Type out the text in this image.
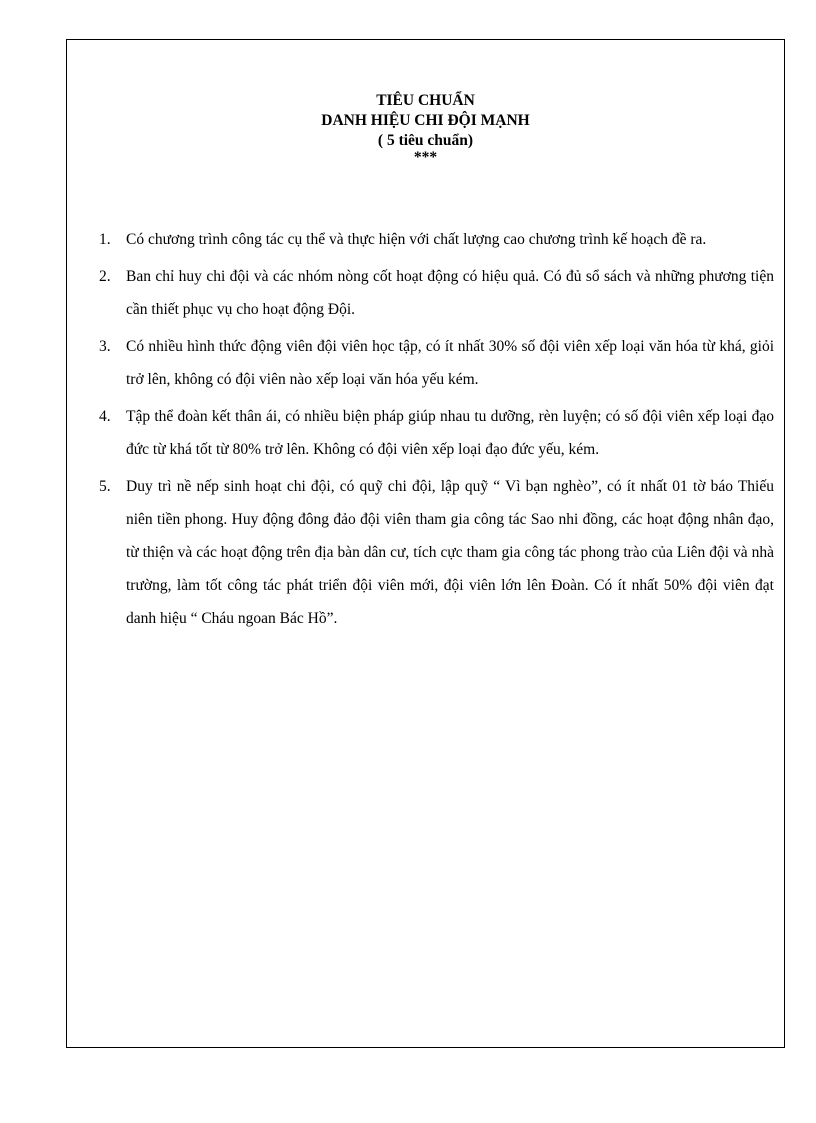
TIÊU CHUẨN
DANH HIỆU CHI ĐỘI MẠNH
( 5 tiêu chuẩn)
***
1. Có chương trình công tác cụ thể và thực hiện với chất lượng cao chương trình kế hoạch đề ra.
2. Ban chỉ huy chi đội và các nhóm nòng cốt hoạt động có hiệu quả. Có đủ sổ sách và những phương tiện cần thiết phục vụ cho hoạt động Đội.
3. Có nhiều hình thức động viên đội viên học tập, có ít nhất 30% số đội viên xếp loại văn hóa từ khá, giỏi trở lên, không có đội viên nào xếp loại văn hóa yếu kém.
4. Tập thể đoàn kết thân ái, có nhiều biện pháp giúp nhau tu dưỡng, rèn luyện; có số đội viên xếp loại đạo đức từ khá tốt từ 80% trở lên. Không có đội viên xếp loại đạo đức yếu, kém.
5. Duy trì nề nếp sinh hoạt chi đội, có quỹ chi đội, lập quỹ “ Vì bạn nghèo”, có ít nhất 01 tờ báo Thiếu niên tiền phong. Huy động đông đảo đội viên tham gia công tác Sao nhi đồng, các hoạt động nhân đạo, từ thiện và các hoạt động trên địa bàn dân cư, tích cực tham gia công tác phong trào của Liên đội và nhà trường, làm tốt công tác phát triển đội viên mới, đội viên lớn lên Đoàn. Có ít nhất 50% đội viên đạt danh hiệu “ Cháu ngoan Bác Hồ”.
